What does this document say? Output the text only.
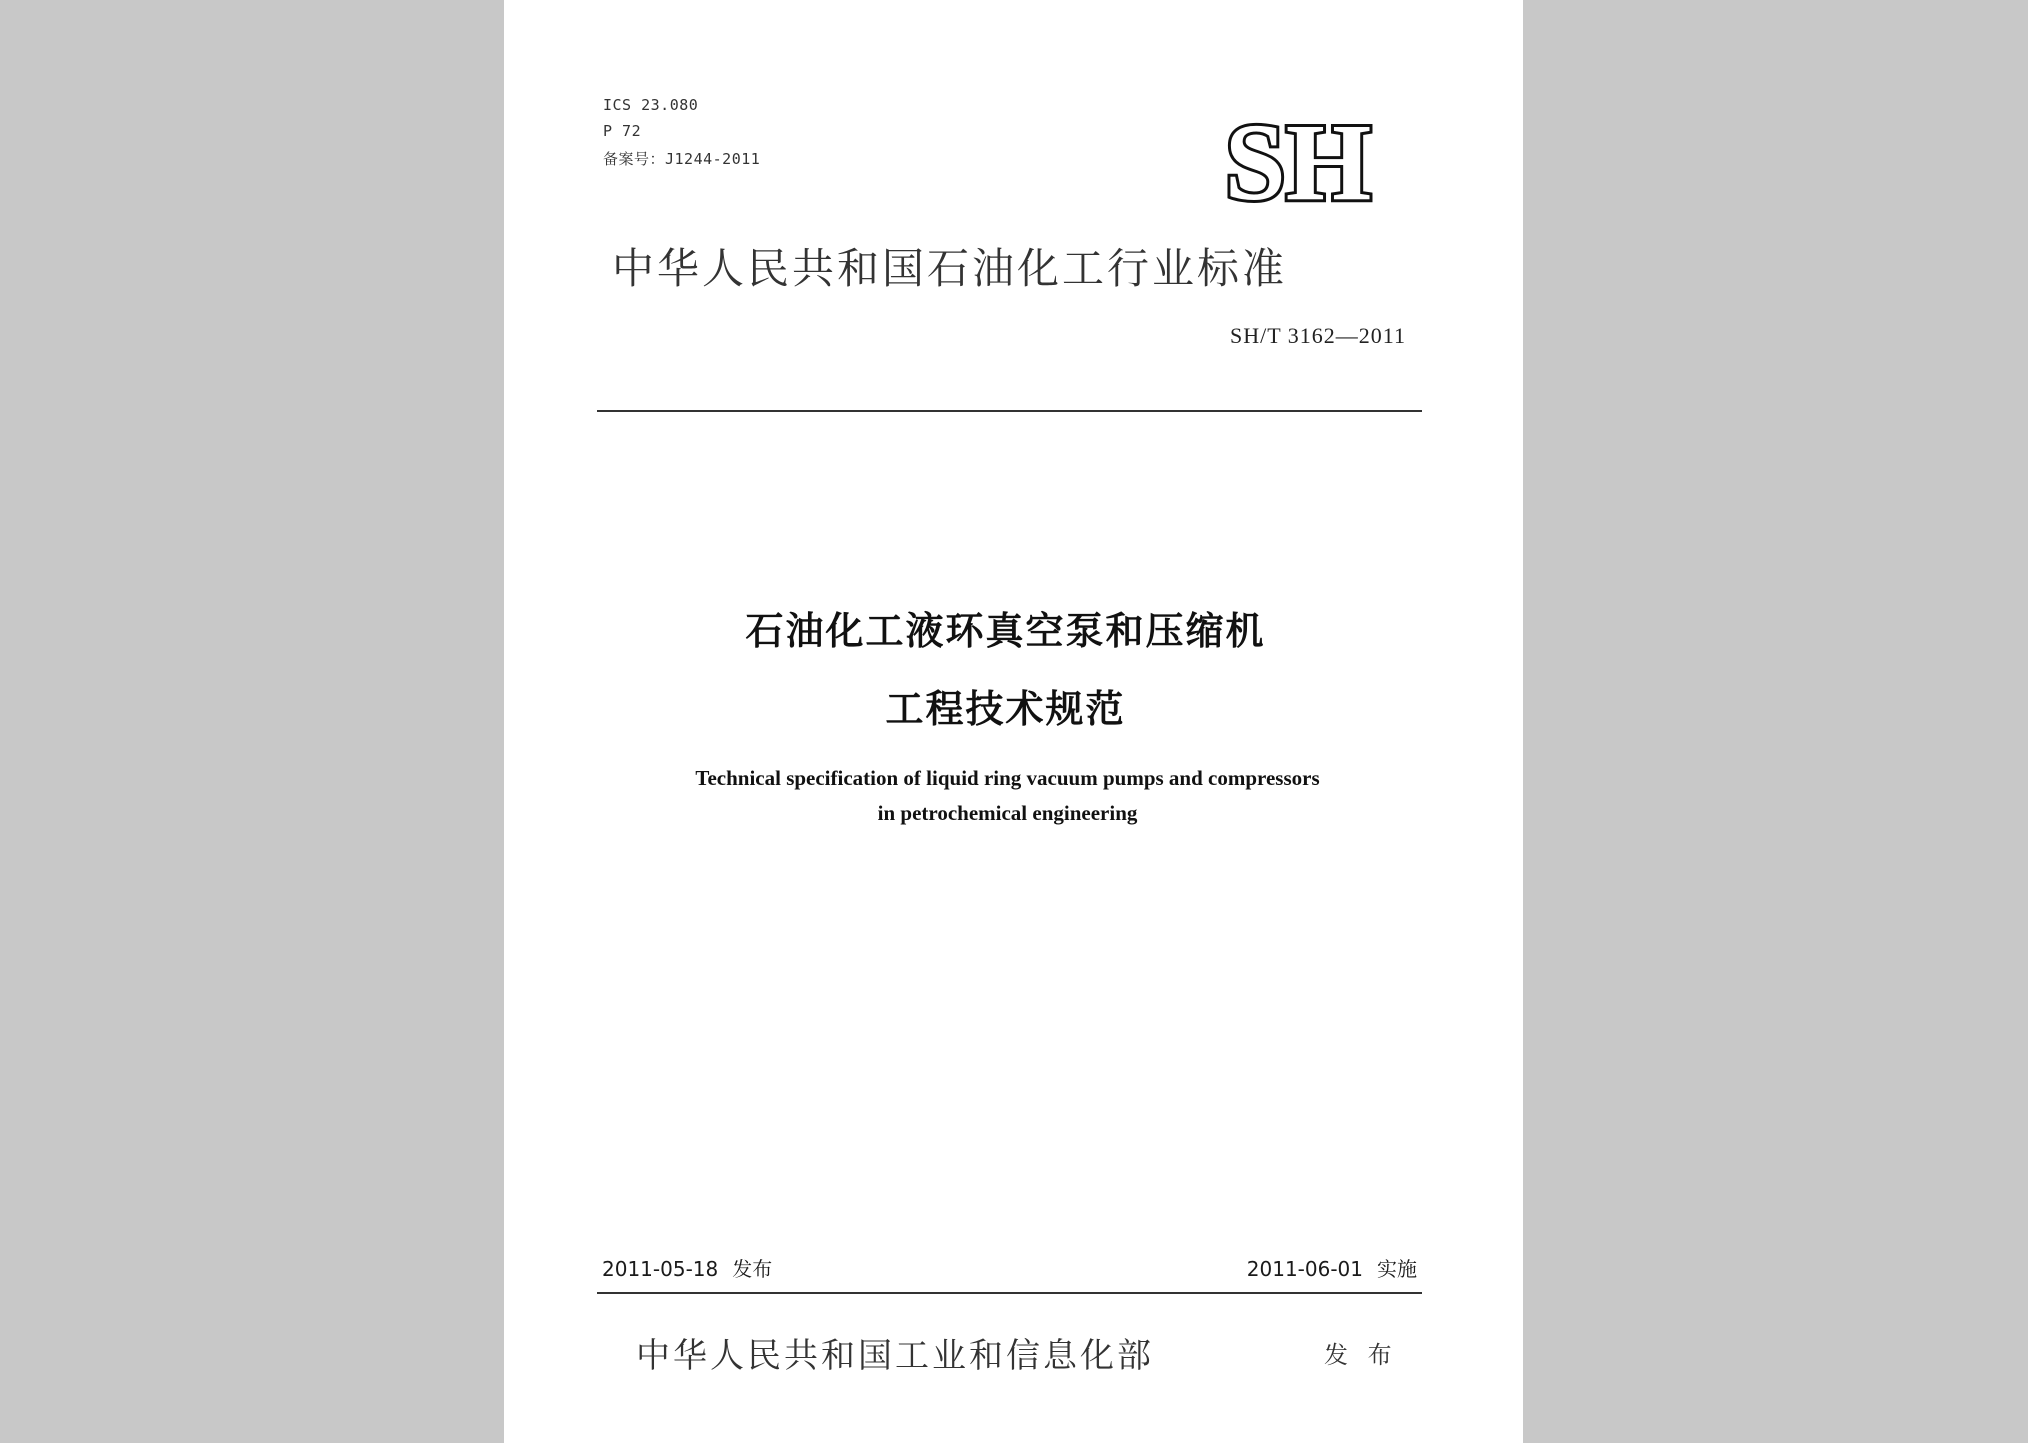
ICS 23.080
P 72
备案号：J1244-2011	SH
中华人民共和国石油化工行业标准
SH/T 3162—2011
石油化工液环真空泵和压缩机
工程技术规范
Technical specification of liquid ring vacuum pumps and compressors
in petrochemical engineering
2011-05-18 发布	2011-06-01 实施
中华人民共和国工业和信息化部	发 布
